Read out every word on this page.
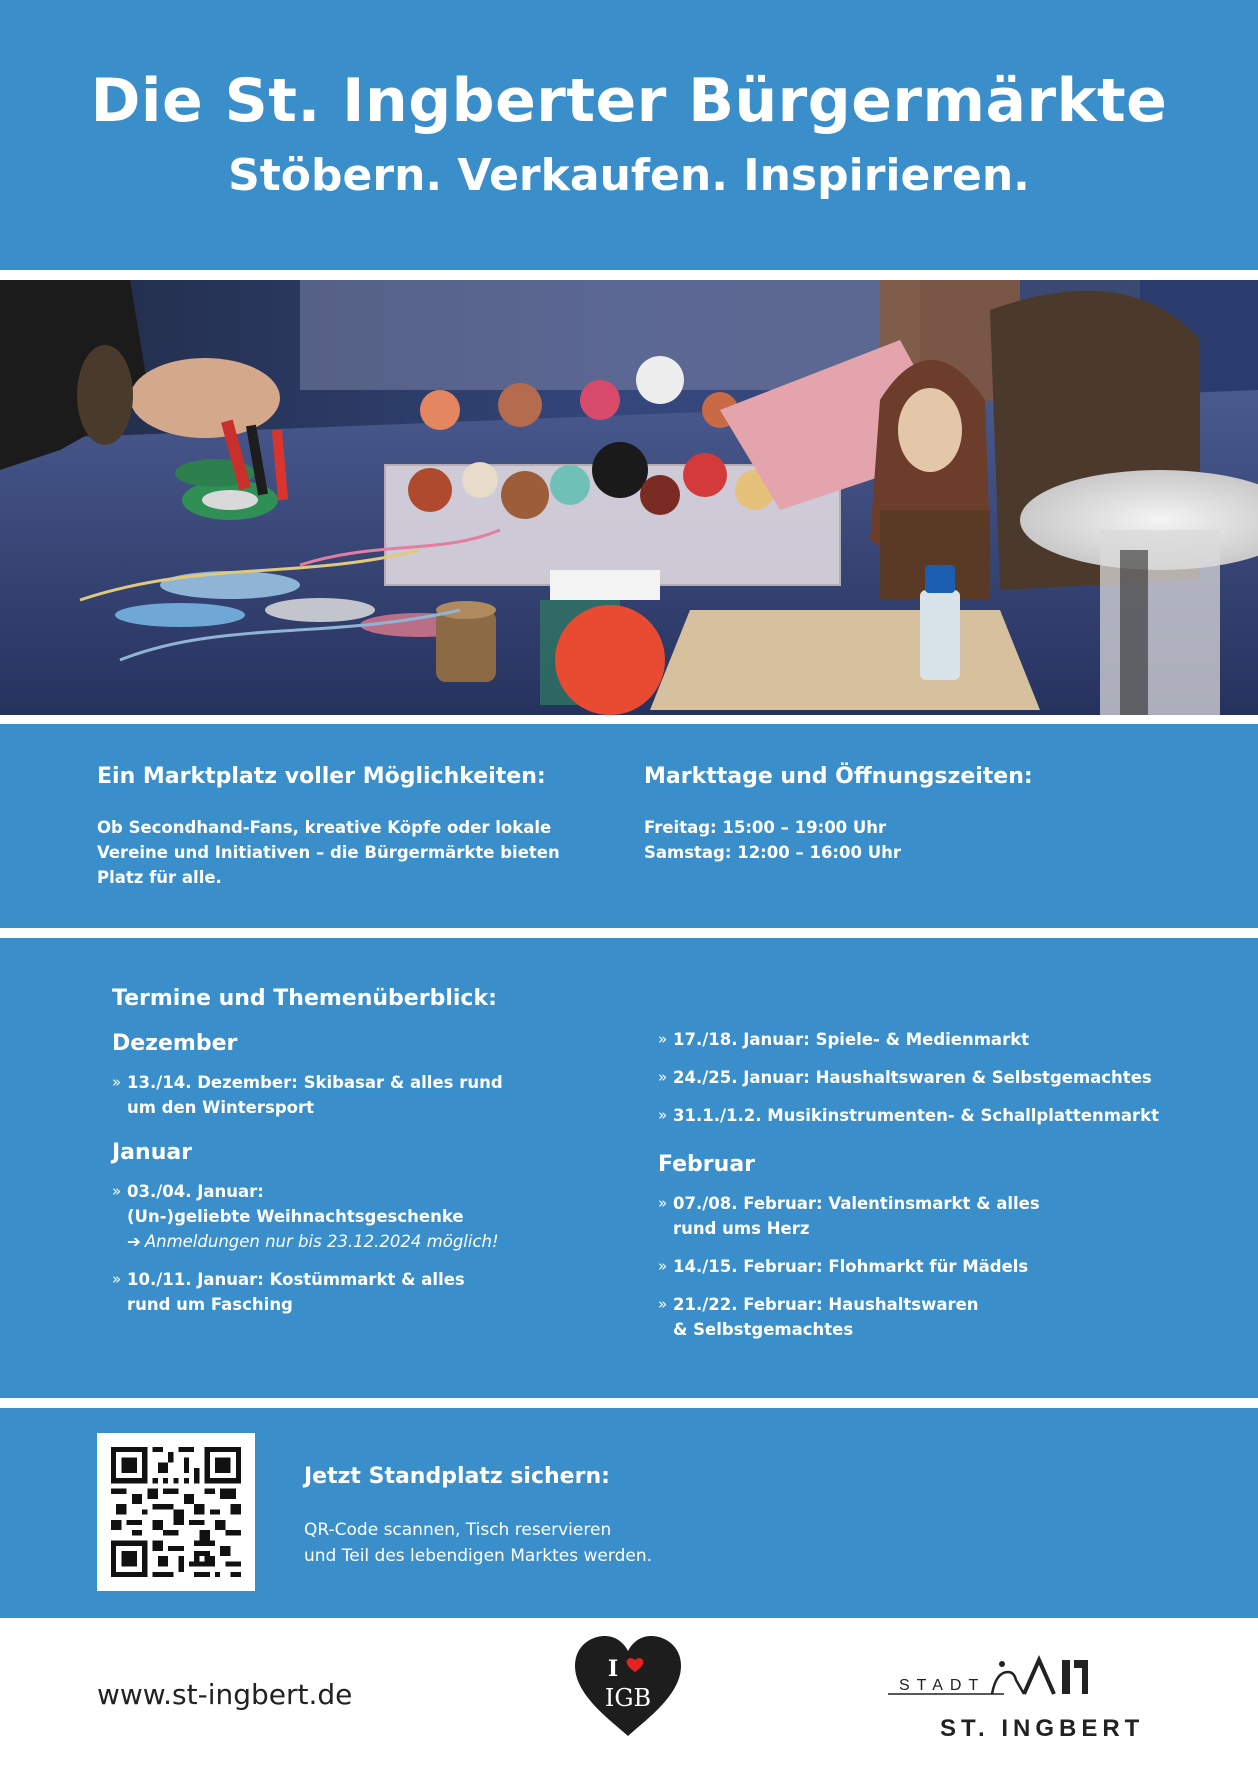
Die St. Ingberter Bürgermärkte
Stöbern. Verkaufen. Inspirieren.
Ein Marktplatz voller Möglichkeiten:

Ob Secondhand-Fans, kreative Köpfe oder lokale
Vereine und Initiativen – die Bürgermärkte bieten
Platz für alle.

Markttage und Öffnungszeiten:

Freitag: 15:00 – 19:00 Uhr
Samstag: 12:00 – 16:00 Uhr

Termine und Themenüberblick:
Dezember
» 13./14. Dezember: Skibasar & alles rund
um den Wintersport
Januar
» 03./04. Januar:
(Un-)geliebte Weihnachtsgeschenke
➔ Anmeldungen nur bis 23.12.2024 möglich!
» 10./11. Januar: Kostümmarkt & alles
rund um Fasching
» 17./18. Januar: Spiele- & Medienmarkt
» 24./25. Januar: Haushaltswaren & Selbstgemachtes
» 31.1./1.2. Musikinstrumenten- & Schallplattenmarkt
Februar
» 07./08. Februar: Valentinsmarkt & alles
rund ums Herz
» 14./15. Februar: Flohmarkt für Mädels
» 21./22. Februar: Haushaltswaren
& Selbstgemachtes
Jetzt Standplatz sichern:

QR-Code scannen, Tisch reservieren
und Teil des lebendigen Marktes werden.

www.st-ingbert.de
I
IGB	STADT
ST. INGBERT
